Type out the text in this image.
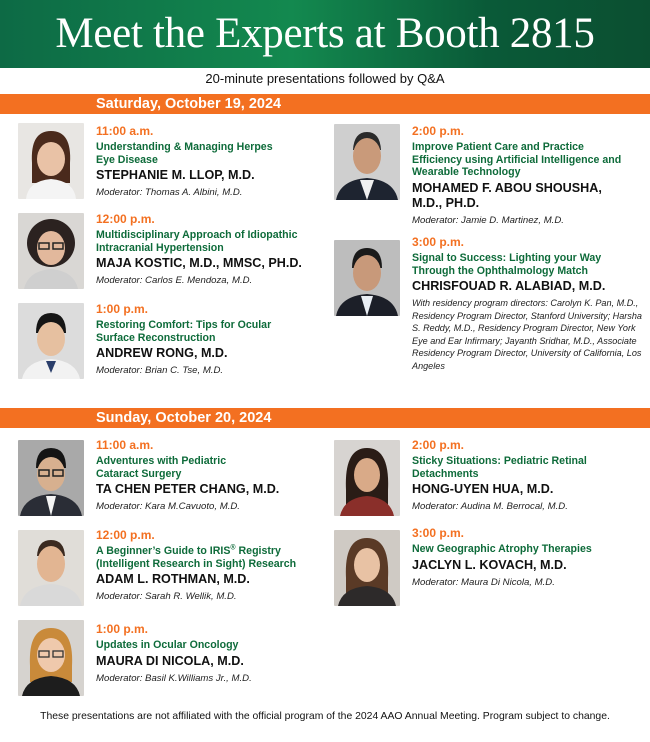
Meet the Experts at Booth 2815
20-minute presentations followed by Q&A
Saturday, October 19, 2024
11:00 a.m.
Understanding & Managing Herpes Eye Disease
STEPHANIE M. LLOP, M.D.
Moderator: Thomas A. Albini, M.D.
12:00 p.m.
Multidisciplinary Approach of Idiopathic Intracranial Hypertension
MAJA KOSTIC, M.D., MMSC, PH.D.
Moderator: Carlos E. Mendoza, M.D.
1:00 p.m.
Restoring Comfort: Tips for Ocular Surface Reconstruction
ANDREW RONG, M.D.
Moderator: Brian C. Tse, M.D.
2:00 p.m.
Improve Patient Care and Practice Efficiency using Artificial Intelligence and Wearable Technology
MOHAMED F. ABOU SHOUSHA, M.D., PH.D.
Moderator: Jamie D. Martinez, M.D.
3:00 p.m.
Signal to Success: Lighting your Way Through the Ophthalmology Match
CHRISFOUAD R. ALABIAD, M.D.
With residency program directors: Carolyn K. Pan, M.D., Residency Program Director, Stanford University; Harsha S. Reddy, M.D., Residency Program Director, New York Eye and Ear Infirmary; Jayanth Sridhar, M.D., Associate Residency Program Director, University of California, Los Angeles
Sunday, October 20, 2024
11:00 a.m.
Adventures with Pediatric Cataract Surgery
TA CHEN PETER CHANG, M.D.
Moderator: Kara M.Cavuoto, M.D.
12:00 p.m.
A Beginner’s Guide to IRIS® Registry (Intelligent Research in Sight) Research
ADAM L. ROTHMAN, M.D.
Moderator: Sarah R. Wellik, M.D.
1:00 p.m.
Updates in Ocular Oncology
MAURA DI NICOLA, M.D.
Moderator: Basil K.Williams Jr., M.D.
2:00 p.m.
Sticky Situations: Pediatric Retinal Detachments
HONG-UYEN HUA, M.D.
Moderator: Audina M. Berrocal, M.D.
3:00 p.m.
New Geographic Atrophy Therapies
JACLYN L. KOVACH, M.D.
Moderator: Maura Di Nicola, M.D.
These presentations are not affiliated with the official program of the 2024 AAO Annual Meeting. Program subject to change.
